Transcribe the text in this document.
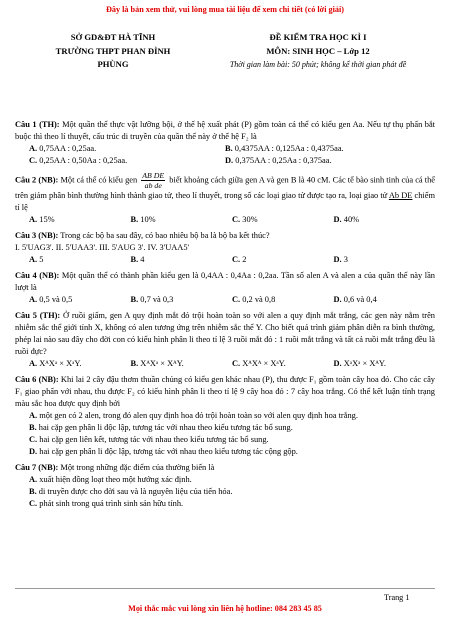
Đây là bản xem thử, vui lòng mua tài liệu để xem chi tiết (có lời giải)
SỞ GD&ĐT HÀ TĨNH
TRƯỜNG THPT PHAN ĐÌNH
PHÙNG
ĐỀ KIỂM TRA HỌC KÌ I
MÔN: SINH HỌC – Lớp 12
Thời gian làm bài: 50 phút; không kể thời gian phát đề

Câu 1 (TH): Một quần thể thực vật lưỡng bội, ở thế hệ xuất phát (P) gồm toàn cá thể có kiểu gen Aa. Nếu tự thụ phấn bắt buộc thì theo lí thuyết, cấu trúc di truyền của quần thể này ở thế hệ F₂ là

A. 0,75AA : 0,25aa.	B. 0,4375AA : 0,125Aa : 0,4375aa.
C. 0,25AA : 0,50Aa : 0,25aa.	D. 0,375AA : 0,25Aa : 0,375aa.

Câu 2 (NB): Một cá thể có kiểu gen $\frac{\text{AB DE}}{\text{ab de}}$ biết khoảng cách giữa gen A và gen B là 40 cM. Các tế bào sinh tinh của cá thể trên giảm phân bình thường hình thành giao tử, theo lí thuyết, trong số các loại giao tử được tạo ra, loại giao tử Ab DE chiếm tỉ lệ

A. 15%	B. 10%	C. 30%	D. 40%

Câu 3 (NB): Trong các bộ ba sau đây, có bao nhiêu bộ ba là bộ ba kết thúc?

I. 5'UAG3'. II. 5'UAA3'. III. 5'AUG 3'. IV. 3'UAA5'

A. 5	B. 4	C. 2	D. 3

Câu 4 (NB): Một quần thể có thành phần kiểu gen là 0,4AA : 0,4Aa : 0,2aa. Tần số alen A và alen a của quần thể này lần lượt là

A. 0,5 và 0,5	B. 0,7 và 0,3	C. 0,2 và 0,8	D. 0,6 và 0,4

Câu 5 (TH): Ở ruồi giấm, gen A quy định mắt đỏ trội hoàn toàn so với alen a quy định mắt trắng, các gen này nằm trên nhiễm sắc thể giới tính X, không có alen tương ứng trên nhiễm sắc thể Y. Cho biết quá trình giảm phân diễn ra bình thường, phép lai nào sau đây cho đời con có kiểu hình phân li theo tỉ lệ 3 ruồi mắt đỏ : 1 ruồi mắt trắng và tất cả ruồi mắt trắng đều là ruồi đực?

A. XᴬXᵃ × XᵃY.	B. XᴬXᵃ × XᴬY.	C. XᴬXᴬ × XᵃY.	D. XᵃXᵃ × XᴬY.

Câu 6 (NB): Khi lai 2 cây đậu thơm thuần chủng có kiểu gen khác nhau (P), thu được F₁ gồm toàn cây hoa đỏ. Cho các cây F₁ giao phấn với nhau, thu được F₂ có kiểu hình phân li theo tỉ lệ 9 cây hoa đỏ : 7 cây hoa trắng. Có thể kết luận tính trạng màu sắc hoa được quy định bởi

A. một gen có 2 alen, trong đó alen quy định hoa đỏ trội hoàn toàn so với alen quy định hoa trắng.
B. hai cặp gen phân li độc lập, tương tác với nhau theo kiểu tương tác bổ sung.
C. hai cặp gen liên kết, tương tác với nhau theo kiểu tương tác bổ sung.
D. hai cặp gen phân li độc lập, tương tác với nhau theo kiểu tương tác cộng gộp.

Câu 7 (NB): Một trong những đặc điểm của thường biến là

A. xuất hiện đồng loạt theo một hướng xác định.
B. di truyền được cho đời sau và là nguyên liệu của tiến hóa.
C. phát sinh trong quá trình sinh sản hữu tính.
Trang 1
Mọi thắc mắc vui lòng xin liên hệ hotline: 084 283 45 85
